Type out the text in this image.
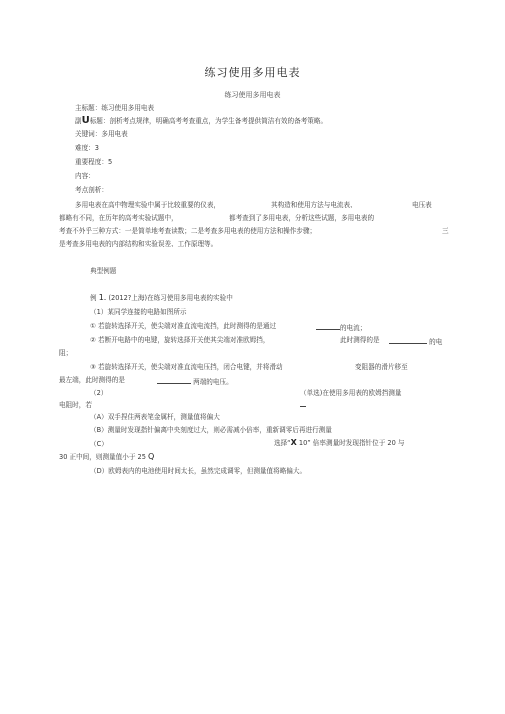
练习使用多用电表
练习使用多用电表
主标题：练习使用多用电表
副U标题：剖析考点规律，明确高考考查重点，为学生备考提供简洁有效的备考策略。
关键词：多用电表
难度：3
重要程度：5
内容：
考点剖析：
多用电表在高中物理实验中属于比较重要的仪表，	其构造和使用方法与电流表、	电压表
都略有不同，在历年的高考实验试题中，	都考查到了多用电表，分析这些试题，多用电表的
考查不外乎三种方式：一是简单地考查读数；二是考查多用电表的使用方法和操作步骤；	三
是考查多用电表的内部结构和实验误差、工作原理等。
典型例题
例 1. (2012?上海)在练习使用多用电表的实验中
（1）某同学连接的电路如图所示
① 若旋转选择开关，使尖端对准直流电流挡，此时测得的是通过	的电流；
② 若断开电路中的电键，旋转选择开关使其尖端对准欧姆挡，	此时测得的是	的电
阻；
③ 若旋转选择开关，使尖端对准直流电压挡，闭合电键，并将滑动	变阻器的滑片移至
最左端，此时测得的是	两端的电压。
（2）	（单选)在使用多用表的欧姆挡测量
电阻时，若
（A）双手捏住两表笔金属杆，测量值将偏大
（B）测量时发现指针偏离中央刻度过大，则必需减小倍率，重新调零后再进行测量
（C）	选择“X 10” 倍率测量时发现指针位于 20 与
30 正中间，则测量值小于 25 Q
（D）欧姆表内的电池使用时间太长，虽然完成调零，但测量值将略偏大。
